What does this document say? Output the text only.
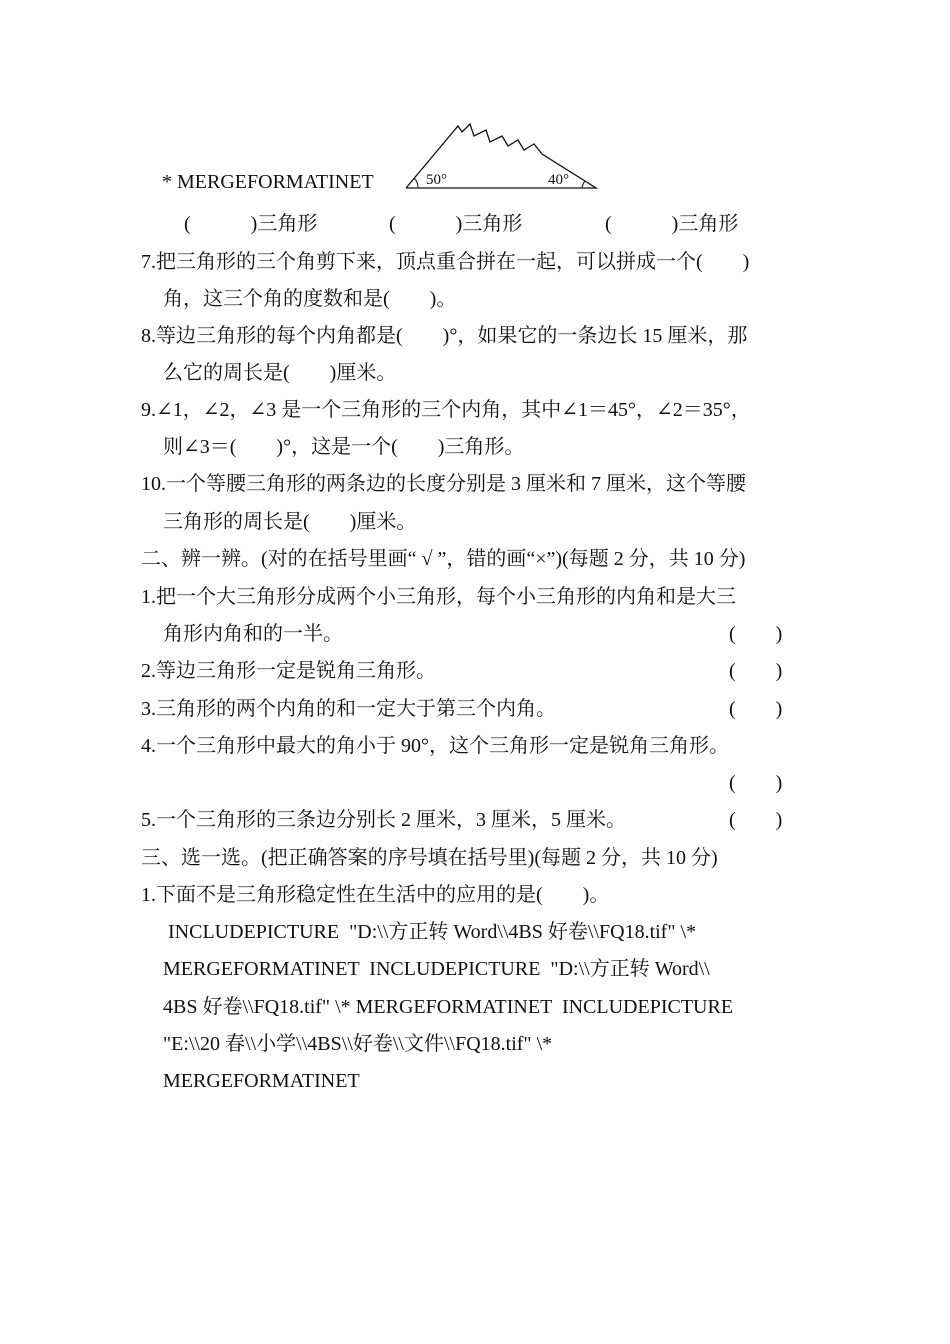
* MERGEFORMATINET	50°	40°
(            )三角形	(            )三角形	(            )三角形
7.把三角形的三个角剪下来，顶点重合拼在一起，可以拼成一个(        )
角，这三个角的度数和是(        )。
8.等边三角形的每个内角都是(        )°，如果它的一条边长 15 厘米，那
么它的周长是(        )厘米。
9.∠1，∠2，∠3 是一个三角形的三个内角，其中∠1＝45°，∠2＝35°，
则∠3＝(        )°，这是一个(        )三角形。
10.一个等腰三角形的两条边的长度分别是 3 厘米和 7 厘米，这个等腰
三角形的周长是(        )厘米。
二、辨一辨。(对的在括号里画“ √ ”，错的画“×”)(每题 2 分，共 10 分)
1.把一个大三角形分成两个小三角形，每个小三角形的内角和是大三
角形内角和的一半。	(        )
2.等边三角形一定是锐角三角形。	(        )
3.三角形的两个内角的和一定大于第三个内角。	(        )
4.一个三角形中最大的角小于 90°，这个三角形一定是锐角三角形。
(        )
5.一个三角形的三条边分别长 2 厘米，3 厘米，5 厘米。	(        )
三、选一选。(把正确答案的序号填在括号里)(每题 2 分，共 10 分)
1.下面不是三角形稳定性在生活中的应用的是(        )。
INCLUDEPICTURE  "D:\\方正转 Word\\4BS 好卷\\FQ18.tif" \*
MERGEFORMATINET  INCLUDEPICTURE  "D:\\方正转 Word\\
4BS 好卷\\FQ18.tif" \* MERGEFORMATINET  INCLUDEPICTURE
"E:\\20 春\\小学\\4BS\\好卷\\文件\\FQ18.tif" \*
MERGEFORMATINET
